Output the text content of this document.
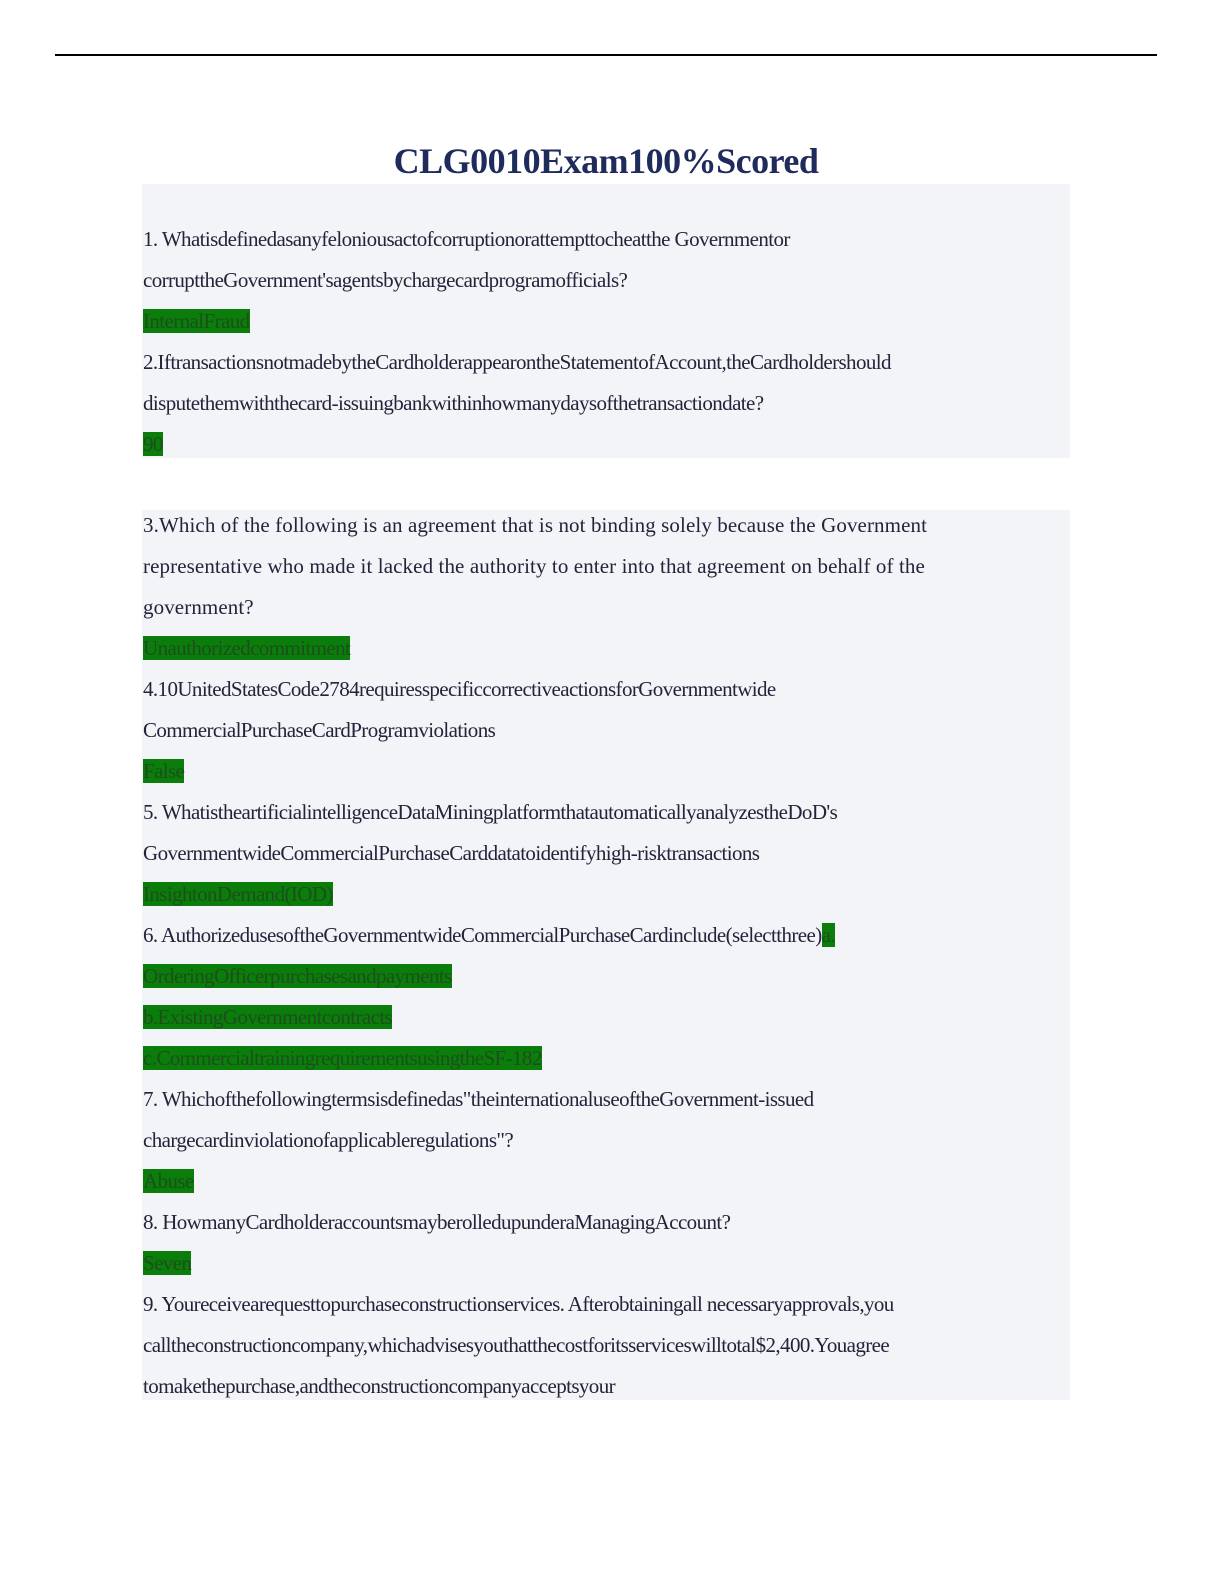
CLG0010Exam100%Scored
1. Whatisdefinedasanyfeloniousactofcorruptionorattempttocheatthe Governmentor
corrupttheGovernment'sagentsbychargecardprogramofficials?
InternalFraud
2.IftransactionsnotmadebytheCardholderappearontheStatementofAccount,theCardholdershould
disputethemwiththecard-issuingbankwithinhowmanydaysofthetransactiondate?
90
3.Which of the following is an agreement that is not binding solely because the Government
representative who made it lacked the authority to enter into that agreement on behalf of the
government?
Unauthorizedcommitment
4.10UnitedStatesCode2784requiresspecificcorrectiveactionsforGovernmentwide
CommercialPurchaseCardProgramviolations
False
5. WhatistheartificialintelligenceDataMiningplatformthatautomaticallyanalyzestheDoD's
GovernmentwideCommercialPurchaseCarddatatoidentifyhigh-risktransactions
InsightonDemand(IOD)
6. AuthorizedusesoftheGovernmentwideCommercialPurchaseCardinclude(selectthree)a.
OrderingOfficerpurchasesandpayments
b.ExistingGovernmentcontracts
c.CommercialtrainingrequirementsusingtheSF-182
7. Whichofthefollowingtermsisdefinedas"theinternationaluseoftheGovernment-issued
chargecardinviolationofapplicableregulations"?
Abuse
8. HowmanyCardholderaccountsmayberolledupunderaManagingAccount?
Seven
9. Youreceivearequesttopurchaseconstructionservices. Afterobtainingall necessaryapprovals,you
calltheconstructioncompany,whichadvisesyouthatthecostforitsserviceswilltotal$2,400.Youagree
tomakethepurchase,andtheconstructioncompanyacceptsyour
